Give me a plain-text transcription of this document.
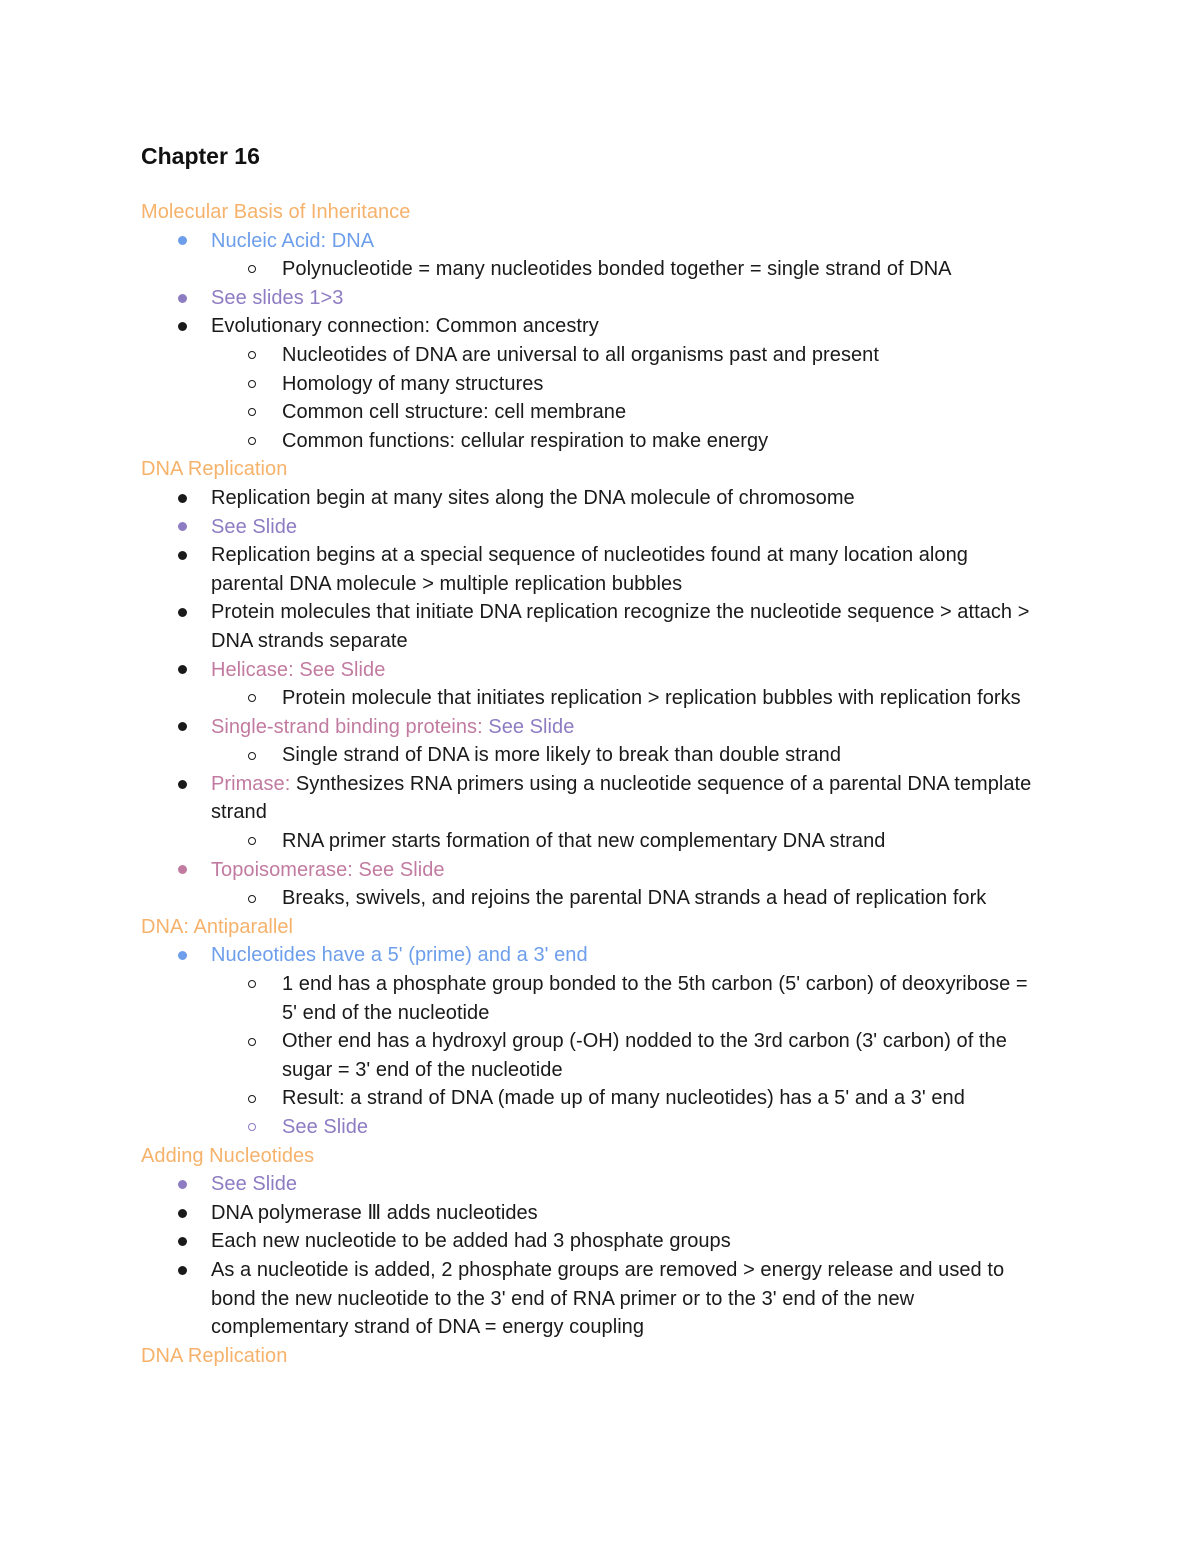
Chapter 16
Molecular Basis of Inheritance
Nucleic Acid: DNA
Polynucleotide = many nucleotides bonded together = single strand of DNA
See slides 1>3
Evolutionary connection: Common ancestry
Nucleotides of DNA are universal to all organisms past and present
Homology of many structures
Common cell structure: cell membrane
Common functions: cellular respiration to make energy
DNA Replication
Replication begin at many sites along the DNA molecule of chromosome
See Slide
Replication begins at a special sequence of nucleotides found at many location along parental DNA molecule > multiple replication bubbles
Protein molecules that initiate DNA replication recognize the nucleotide sequence > attach > DNA strands separate
Helicase: See Slide
Protein molecule that initiates replication > replication bubbles with replication forks
Single-strand binding proteins: See Slide
Single strand of DNA is more likely to break than double strand
Primase: Synthesizes RNA primers using a nucleotide sequence of a parental DNA template strand
RNA primer starts formation of that new complementary DNA strand
Topoisomerase: See Slide
Breaks, swivels, and rejoins the parental DNA strands a head of replication fork
DNA: Antiparallel
Nucleotides have a 5' (prime) and a 3' end
1 end has a phosphate group bonded to the 5th carbon (5' carbon) of deoxyribose = 5' end of the nucleotide
Other end has a hydroxyl group (-OH) nodded to the 3rd carbon (3' carbon) of the sugar = 3' end of the nucleotide
Result: a strand of DNA (made up of many nucleotides) has a 5' and a 3' end
See Slide
Adding Nucleotides
See Slide
DNA polymerase Ⅲ adds nucleotides
Each new nucleotide to be added had 3 phosphate groups
As a nucleotide is added, 2 phosphate groups are removed > energy release and used to bond the new nucleotide to the 3' end of RNA primer or to the 3' end of the new complementary strand of DNA = energy coupling
DNA Replication
